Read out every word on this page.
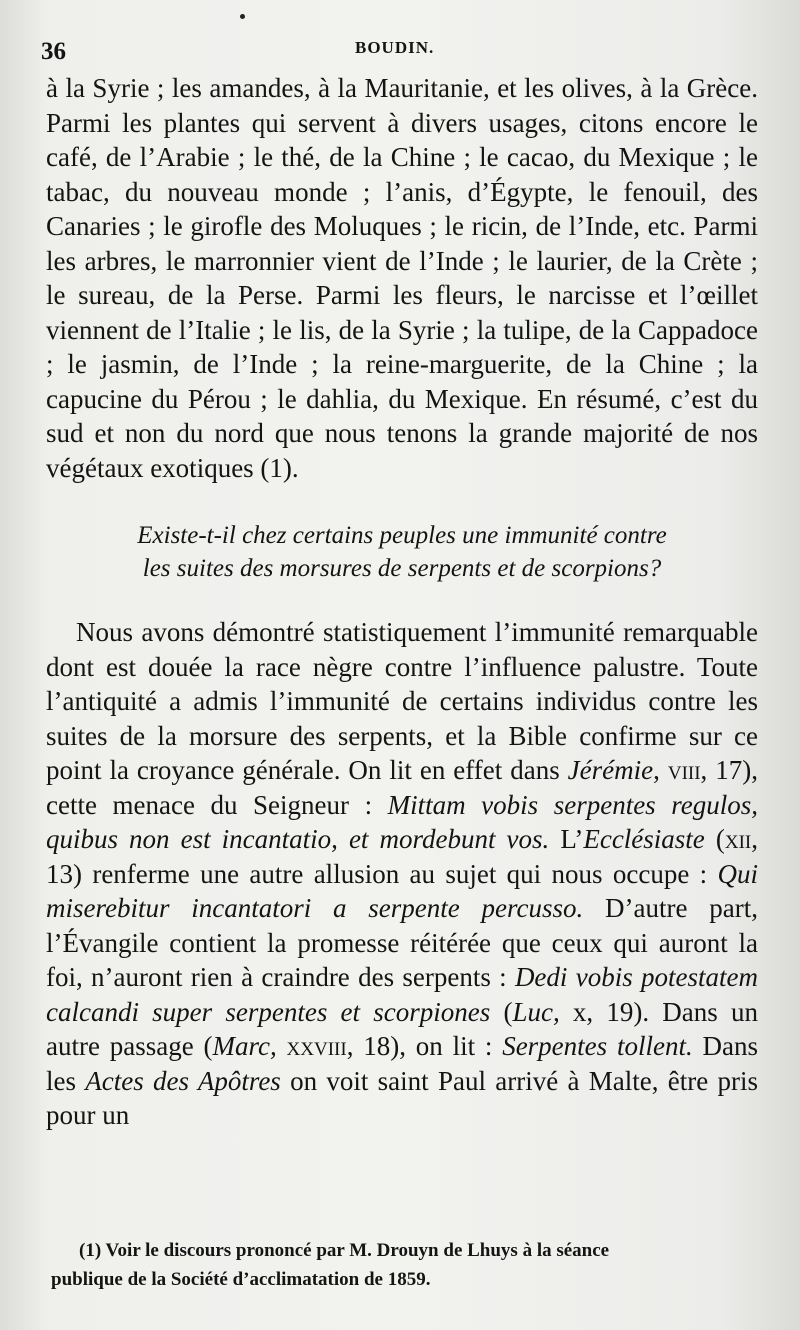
36	BOUDIN.

à la Syrie ; les amandes, à la Mauritanie, et les olives, à la Grèce. Parmi les plantes qui servent à divers usages, citons encore le café, de l’Arabie ; le thé, de la Chine ; le cacao, du Mexique ; le tabac, du nouveau monde ; l’anis, d’Égypte, le fenouil, des Canaries ; le girofle des Moluques ; le ricin, de l’Inde, etc. Parmi les arbres, le marronnier vient de l’Inde ; le laurier, de la Crète ; le sureau, de la Perse. Parmi les fleurs, le narcisse et l’œillet viennent de l’Italie ; le lis, de la Syrie ; la tulipe, de la Cappadoce ; le jasmin, de l’Inde ; la reine-marguerite, de la Chine ; la capucine du Pérou ; le dahlia, du Mexique. En résumé, c’est du sud et non du nord que nous tenons la grande majorité de nos végétaux exotiques (1).

Existe-t-il chez certains peuples une immunité contre
les suites des morsures de serpents et de scorpions?

Nous avons démontré statistiquement l’immunité remarquable dont est douée la race nègre contre l’influence palustre. Toute l’antiquité a admis l’immunité de certains individus contre les suites de la morsure des serpents, et la Bible confirme sur ce point la croyance générale. On lit en effet dans Jérémie, viii, 17), cette menace du Seigneur : Mittam vobis serpentes regulos, quibus non est incantatio, et mordebunt vos. L’Ecclésiaste (xii, 13) renferme une autre allusion au sujet qui nous occupe : Qui miserebitur incantatori a serpente percusso. D’autre part, l’Évangile contient la promesse réitérée que ceux qui auront la foi, n’auront rien à craindre des serpents : Dedi vobis potestatem calcandi super serpentes et scorpiones (Luc, x, 19). Dans un autre passage (Marc, xxviii, 18), on lit : Serpentes tollent. Dans les Actes des Apôtres on voit saint Paul arrivé à Malte, être pris pour un

(1) Voir le discours prononcé par M. Drouyn de Lhuys à la séance
publique de la Société d’acclimatation de 1859.
